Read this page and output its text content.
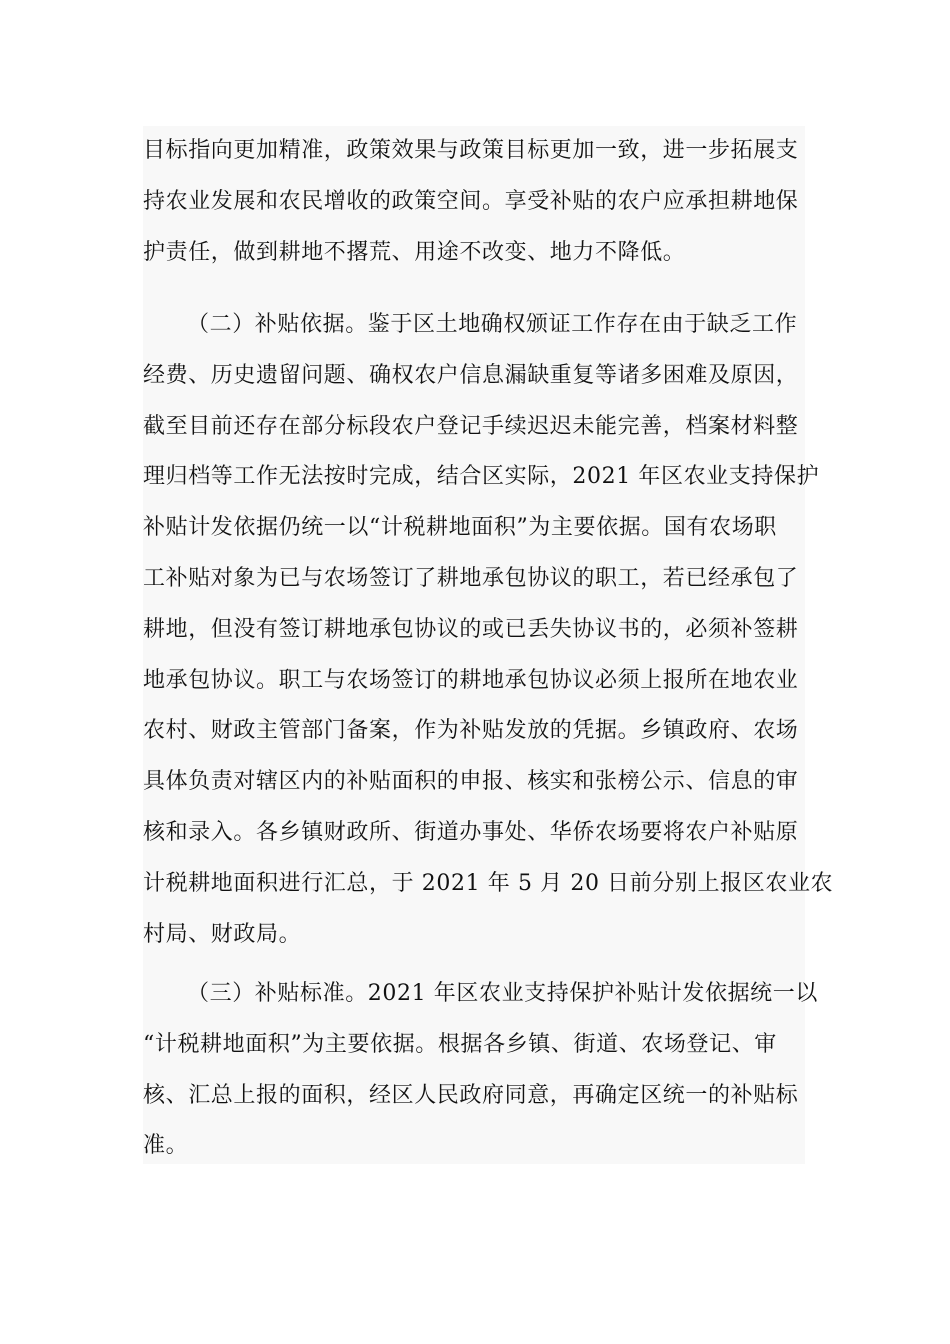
目标指向更加精准，政策效果与政策目标更加一致，进一步拓展支
持农业发展和农民增收的政策空间。享受补贴的农户应承担耕地保
护责任，做到耕地不撂荒、用途不改变、地力不降低。
（二）补贴依据。鉴于区土地确权颁证工作存在由于缺乏工作
经费、历史遗留问题、确权农户信息漏缺重复等诸多困难及原因，
截至目前还存在部分标段农户登记手续迟迟未能完善，档案材料整
理归档等工作无法按时完成，结合区实际，2021 年区农业支持保护
补贴计发依据仍统一以“计税耕地面积”为主要依据。国有农场职
工补贴对象为已与农场签订了耕地承包协议的职工，若已经承包了
耕地，但没有签订耕地承包协议的或已丢失协议书的，必须补签耕
地承包协议。职工与农场签订的耕地承包协议必须上报所在地农业
农村、财政主管部门备案，作为补贴发放的凭据。乡镇政府、农场
具体负责对辖区内的补贴面积的申报、核实和张榜公示、信息的审
核和录入。各乡镇财政所、街道办事处、华侨农场要将农户补贴原
计税耕地面积进行汇总，于 2021 年 5 月 20 日前分别上报区农业农
村局、财政局。
（三）补贴标准。2021 年区农业支持保护补贴计发依据统一以
“计税耕地面积”为主要依据。根据各乡镇、街道、农场登记、审
核、汇总上报的面积，经区人民政府同意，再确定区统一的补贴标
准。
